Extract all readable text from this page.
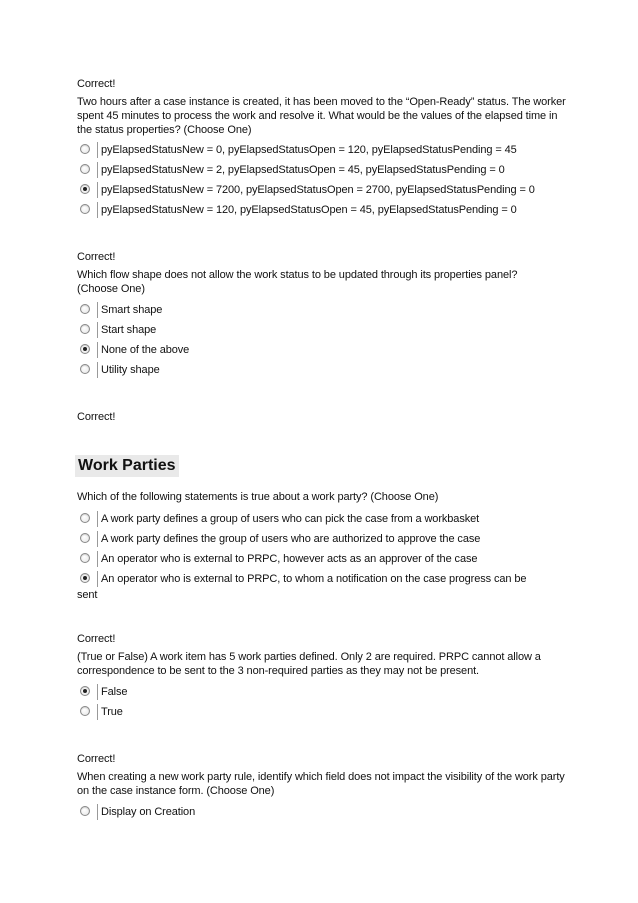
Correct!
Two hours after a case instance is created, it has been moved to the “Open-Ready” status. The worker spent 45 minutes to process the work and resolve it. What would be the values of the elapsed time in the status properties? (Choose One)
pyElapsedStatusNew = 0, pyElapsedStatusOpen = 120, pyElapsedStatusPending = 45
pyElapsedStatusNew = 2, pyElapsedStatusOpen = 45, pyElapsedStatusPending = 0
pyElapsedStatusNew = 7200, pyElapsedStatusOpen = 2700, pyElapsedStatusPending = 0
pyElapsedStatusNew = 120, pyElapsedStatusOpen = 45, pyElapsedStatusPending = 0
Correct!
Which flow shape does not allow the work status to be updated through its properties panel? (Choose One)
Smart shape
Start shape
None of the above
Utility shape
Correct!
Work Parties
Which of the following statements is true about a work party? (Choose One)
A work party defines a group of users who can pick the case from a workbasket
A work party defines the group of users who are authorized to approve the case
An operator who is external to PRPC, however acts as an approver of the case
An operator who is external to PRPC, to whom a notification on the case progress can be
sent
Correct!
(True or False) A work item has 5 work parties defined. Only 2 are required. PRPC cannot allow a correspondence to be sent to the 3 non-required parties as they may not be present.
False
True
Correct!
When creating a new work party rule, identify which field does not impact the visibility of the work party on the case instance form. (Choose One)
Display on Creation
